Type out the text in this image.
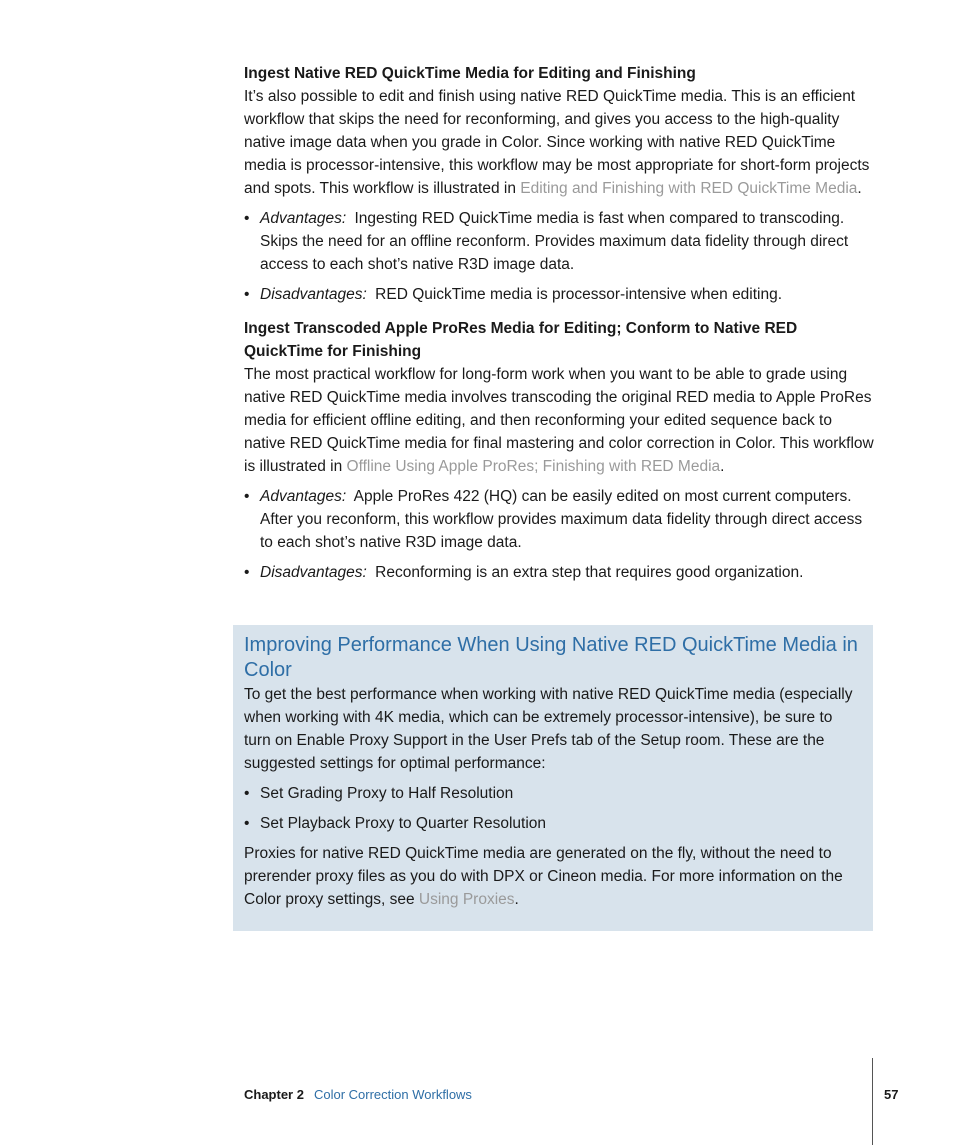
Ingest Native RED QuickTime Media for Editing and Finishing

It’s also possible to edit and finish using native RED QuickTime media. This is an efficient workflow that skips the need for reconforming, and gives you access to the high-quality native image data when you grade in Color. Since working with native RED QuickTime media is processor-intensive, this workflow may be most appropriate for short-form projects and spots. This workflow is illustrated in Editing and Finishing with RED QuickTime Media.

• Advantages: Ingesting RED QuickTime media is fast when compared to transcoding. Skips the need for an offline reconform. Provides maximum data fidelity through direct access to each shot’s native R3D image data.
• Disadvantages: RED QuickTime media is processor-intensive when editing.
Ingest Transcoded Apple ProRes Media for Editing; Conform to Native RED QuickTime for Finishing

The most practical workflow for long-form work when you want to be able to grade using native RED QuickTime media involves transcoding the original RED media to Apple ProRes media for efficient offline editing, and then reconforming your edited sequence back to native RED QuickTime media for final mastering and color correction in Color. This workflow is illustrated in Offline Using Apple ProRes; Finishing with RED Media.

• Advantages: Apple ProRes 422 (HQ) can be easily edited on most current computers. After you reconform, this workflow provides maximum data fidelity through direct access to each shot’s native R3D image data.
• Disadvantages: Reconforming is an extra step that requires good organization.
Improving Performance When Using Native RED QuickTime Media in Color

To get the best performance when working with native RED QuickTime media (especially when working with 4K media, which can be extremely processor-intensive), be sure to turn on Enable Proxy Support in the User Prefs tab of the Setup room. These are the suggested settings for optimal performance:

• Set Grading Proxy to Half Resolution
• Set Playback Proxy to Quarter Resolution

Proxies for native RED QuickTime media are generated on the fly, without the need to prerender proxy files as you do with DPX or Cineon media. For more information on the Color proxy settings, see Using Proxies.

Chapter 2 Color Correction Workflows	57
